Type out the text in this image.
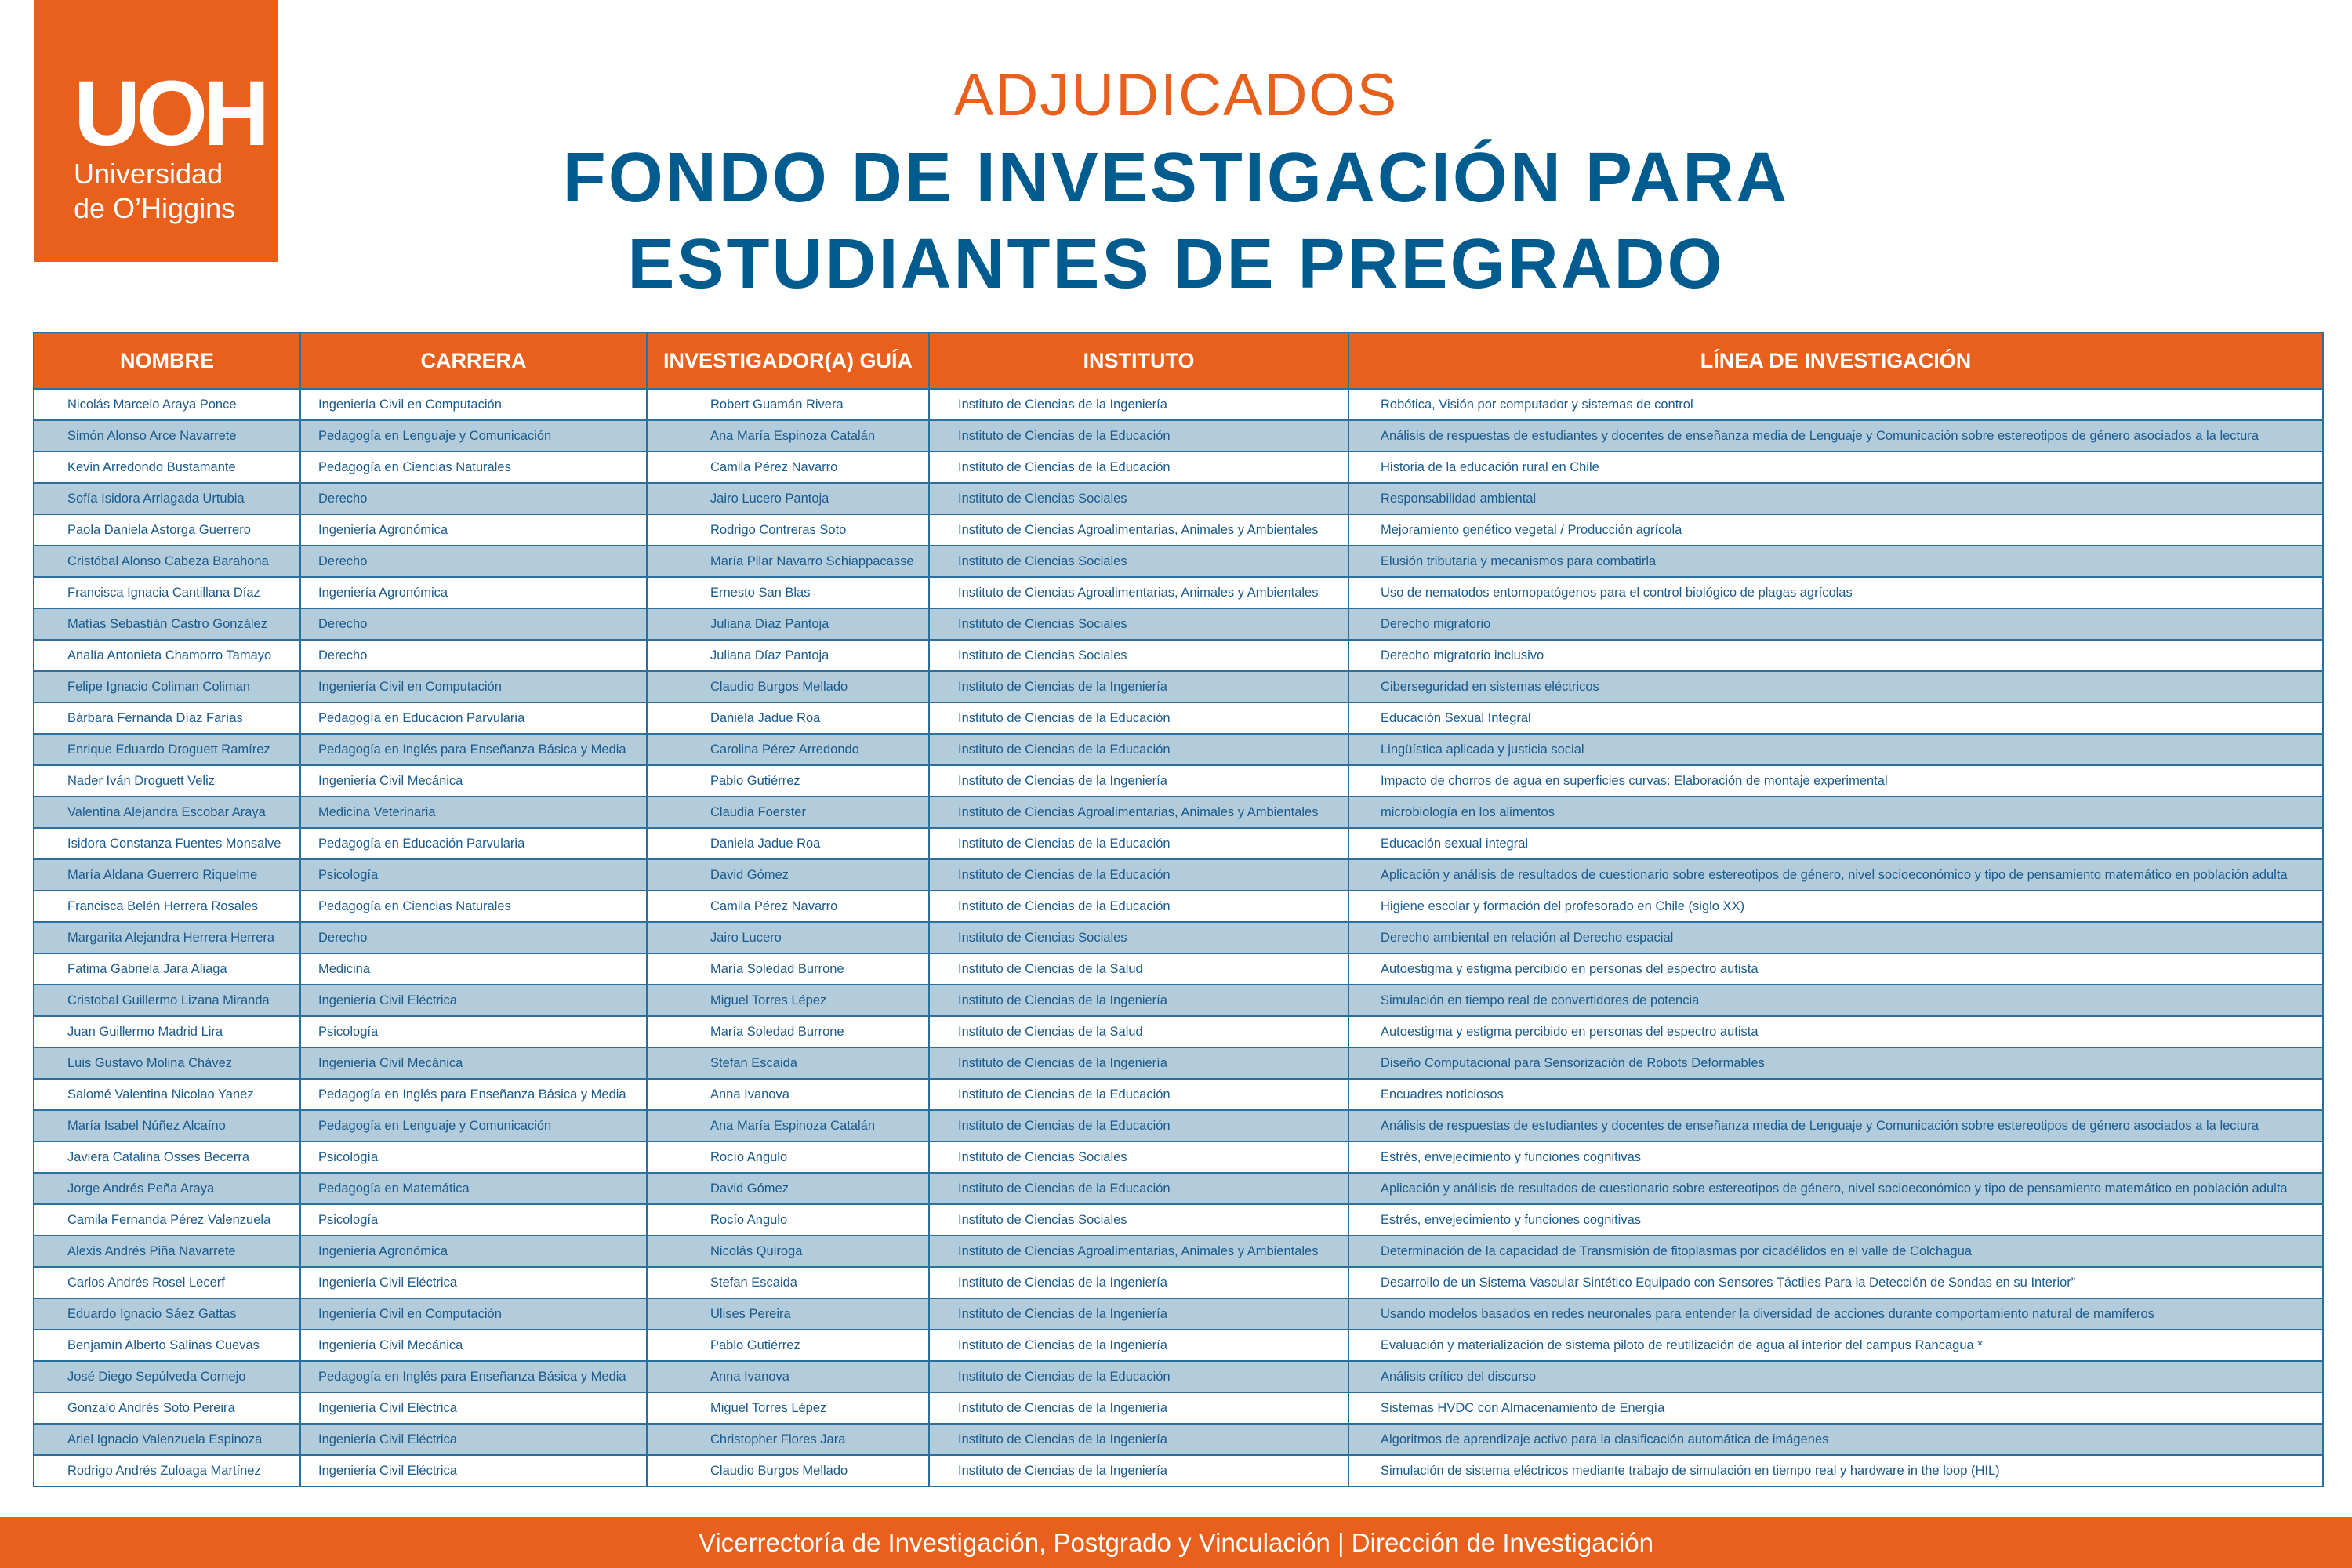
UOH
Universidad
de O’Higgins
ADJUDICADOS
FONDO DE INVESTIGACIÓN PARA
ESTUDIANTES DE PREGRADO
NOMBRE	CARRERA	INVESTIGADOR(A) GUÍA	INSTITUTO	LÍNEA DE INVESTIGACIÓN
Nicolás Marcelo Araya Ponce	Ingeniería Civil en Computación	Robert Guamán Rivera	Instituto de Ciencias de la Ingeniería	Robótica, Visión por computador y sistemas de control
Simón Alonso Arce Navarrete	Pedagogía en Lenguaje y Comunicación	Ana María Espinoza Catalán	Instituto de Ciencias de la Educación	Análisis de respuestas de estudiantes y docentes de enseñanza media de Lenguaje y Comunicación sobre estereotipos de género asociados a la lectura
Kevin Arredondo Bustamante	Pedagogía en Ciencias Naturales	Camila Pérez Navarro	Instituto de Ciencias de la Educación	Historia de la educación rural en Chile
Sofía Isidora Arriagada Urtubia	Derecho	Jairo Lucero Pantoja	Instituto de Ciencias Sociales	Responsabilidad ambiental
Paola Daniela Astorga Guerrero	Ingeniería Agronómica	Rodrigo Contreras Soto	Instituto de Ciencias Agroalimentarias, Animales y Ambientales	Mejoramiento genético vegetal / Producción agrícola
Cristóbal Alonso Cabeza Barahona	Derecho	María Pilar Navarro Schiappacasse	Instituto de Ciencias Sociales	Elusión tributaria y mecanismos para combatirla
Francisca Ignacia Cantillana Díaz	Ingeniería Agronómica	Ernesto San Blas	Instituto de Ciencias Agroalimentarias, Animales y Ambientales	Uso de nematodos entomopatógenos para el control biológico de plagas agrícolas
Matías Sebastián Castro González	Derecho	Juliana Díaz Pantoja	Instituto de Ciencias Sociales	Derecho migratorio
Analía Antonieta Chamorro Tamayo	Derecho	Juliana Díaz Pantoja	Instituto de Ciencias Sociales	Derecho migratorio inclusivo
Felipe Ignacio Coliman Coliman	Ingeniería Civil en Computación	Claudio Burgos Mellado	Instituto de Ciencias de la Ingeniería	Ciberseguridad en sistemas eléctricos
Bárbara Fernanda Díaz Farías	Pedagogía en Educación Parvularia	Daniela Jadue Roa	Instituto de Ciencias de la Educación	Educación Sexual Integral
Enrique Eduardo Droguett Ramírez	Pedagogía en Inglés para Enseñanza Básica y Media	Carolina Pérez Arredondo	Instituto de Ciencias de la Educación	Lingüística aplicada y justicia social
Nader Iván Droguett Veliz	Ingeniería Civil Mecánica	Pablo Gutiérrez	Instituto de Ciencias de la Ingeniería	Impacto de chorros de agua en superficies curvas: Elaboración de montaje experimental
Valentina Alejandra Escobar Araya	Medicina Veterinaria	Claudia Foerster	Instituto de Ciencias Agroalimentarias, Animales y Ambientales	microbiología en los alimentos
Isidora Constanza Fuentes Monsalve	Pedagogía en Educación Parvularia	Daniela Jadue Roa	Instituto de Ciencias de la Educación	Educación sexual integral
María Aldana Guerrero Riquelme	Psicología	David Gómez	Instituto de Ciencias de la Educación	Aplicación y análisis de resultados de cuestionario sobre estereotipos de género, nivel socioeconómico y tipo de pensamiento matemático en población adulta
Francisca Belén Herrera Rosales	Pedagogía en Ciencias Naturales	Camila Pérez Navarro	Instituto de Ciencias de la Educación	Higiene escolar y formación del profesorado en Chile (siglo XX)
Margarita Alejandra Herrera Herrera	Derecho	Jairo Lucero	Instituto de Ciencias Sociales	Derecho ambiental en relación al Derecho espacial
Fatima Gabriela Jara Aliaga	Medicina	María Soledad Burrone	Instituto de Ciencias de la Salud	Autoestigma y estigma percibido en personas del espectro autista
Cristobal Guillermo Lizana Miranda	Ingeniería Civil Eléctrica	Miguel Torres Lépez	Instituto de Ciencias de la Ingeniería	Simulación en tiempo real de convertidores de potencia
Juan Guillermo Madrid Lira	Psicología	María Soledad Burrone	Instituto de Ciencias de la Salud	Autoestigma y estigma percibido en personas del espectro autista
Luis Gustavo Molina Chávez	Ingeniería Civil Mecánica	Stefan Escaida	Instituto de Ciencias de la Ingeniería	Diseño Computacional para Sensorización de Robots Deformables
Salomé Valentina Nicolao Yanez	Pedagogía en Inglés para Enseñanza Básica y Media	Anna Ivanova	Instituto de Ciencias de la Educación	Encuadres noticiosos
María Isabel Núñez Alcaíno	Pedagogía en Lenguaje y Comunicación	Ana María Espinoza Catalán	Instituto de Ciencias de la Educación	Análisis de respuestas de estudiantes y docentes de enseñanza media de Lenguaje y Comunicación sobre estereotipos de género asociados a la lectura
Javiera Catalina Osses Becerra	Psicología	Rocío Angulo	Instituto de Ciencias Sociales	Estrés, envejecimiento y funciones cognitivas
Jorge Andrés Peña Araya	Pedagogía en Matemática	David Gómez	Instituto de Ciencias de la Educación	Aplicación y análisis de resultados de cuestionario sobre estereotipos de género, nivel socioeconómico y tipo de pensamiento matemático en población adulta
Camila Fernanda Pérez Valenzuela	Psicología	Rocío Angulo	Instituto de Ciencias Sociales	Estrés, envejecimiento y funciones cognitivas
Alexis Andrés Piña Navarrete	Ingeniería Agronómica	Nicolás Quiroga	Instituto de Ciencias Agroalimentarias, Animales y Ambientales	Determinación de la capacidad de Transmisión de fitoplasmas por cicadélidos en el valle de Colchagua
Carlos Andrés Rosel Lecerf	Ingeniería Civil Eléctrica	Stefan Escaida	Instituto de Ciencias de la Ingeniería	Desarrollo de un Sistema Vascular Sintético Equipado con Sensores Táctiles Para la Detección de Sondas en su Interior”
Eduardo Ignacio Sáez Gattas	Ingeniería Civil en Computación	Ulises Pereira	Instituto de Ciencias de la Ingeniería	Usando modelos basados en redes neuronales para entender la diversidad de acciones durante comportamiento natural de mamíferos
Benjamín Alberto Salinas Cuevas	Ingeniería Civil Mecánica	Pablo Gutiérrez	Instituto de Ciencias de la Ingeniería	Evaluación y materialización de sistema piloto de reutilización de agua al interior del campus Rancagua *
José Diego Sepúlveda Cornejo	Pedagogía en Inglés para Enseñanza Básica y Media	Anna Ivanova	Instituto de Ciencias de la Educación	Análisis crítico del discurso
Gonzalo Andrés Soto Pereira	Ingeniería Civil Eléctrica	Miguel Torres Lépez	Instituto de Ciencias de la Ingeniería	Sistemas HVDC con Almacenamiento de Energía
Ariel Ignacio Valenzuela Espinoza	Ingeniería Civil Eléctrica	Christopher Flores Jara	Instituto de Ciencias de la Ingeniería	Algoritmos de aprendizaje activo para la clasificación automática de imágenes
Rodrigo Andrés Zuloaga Martínez	Ingeniería Civil Eléctrica	Claudio Burgos Mellado	Instituto de Ciencias de la Ingeniería	Simulación de sistema eléctricos mediante trabajo de simulación en tiempo real y hardware in the loop (HIL)
Vicerrectoría de Investigación, Postgrado y Vinculación | Dirección de Investigación
